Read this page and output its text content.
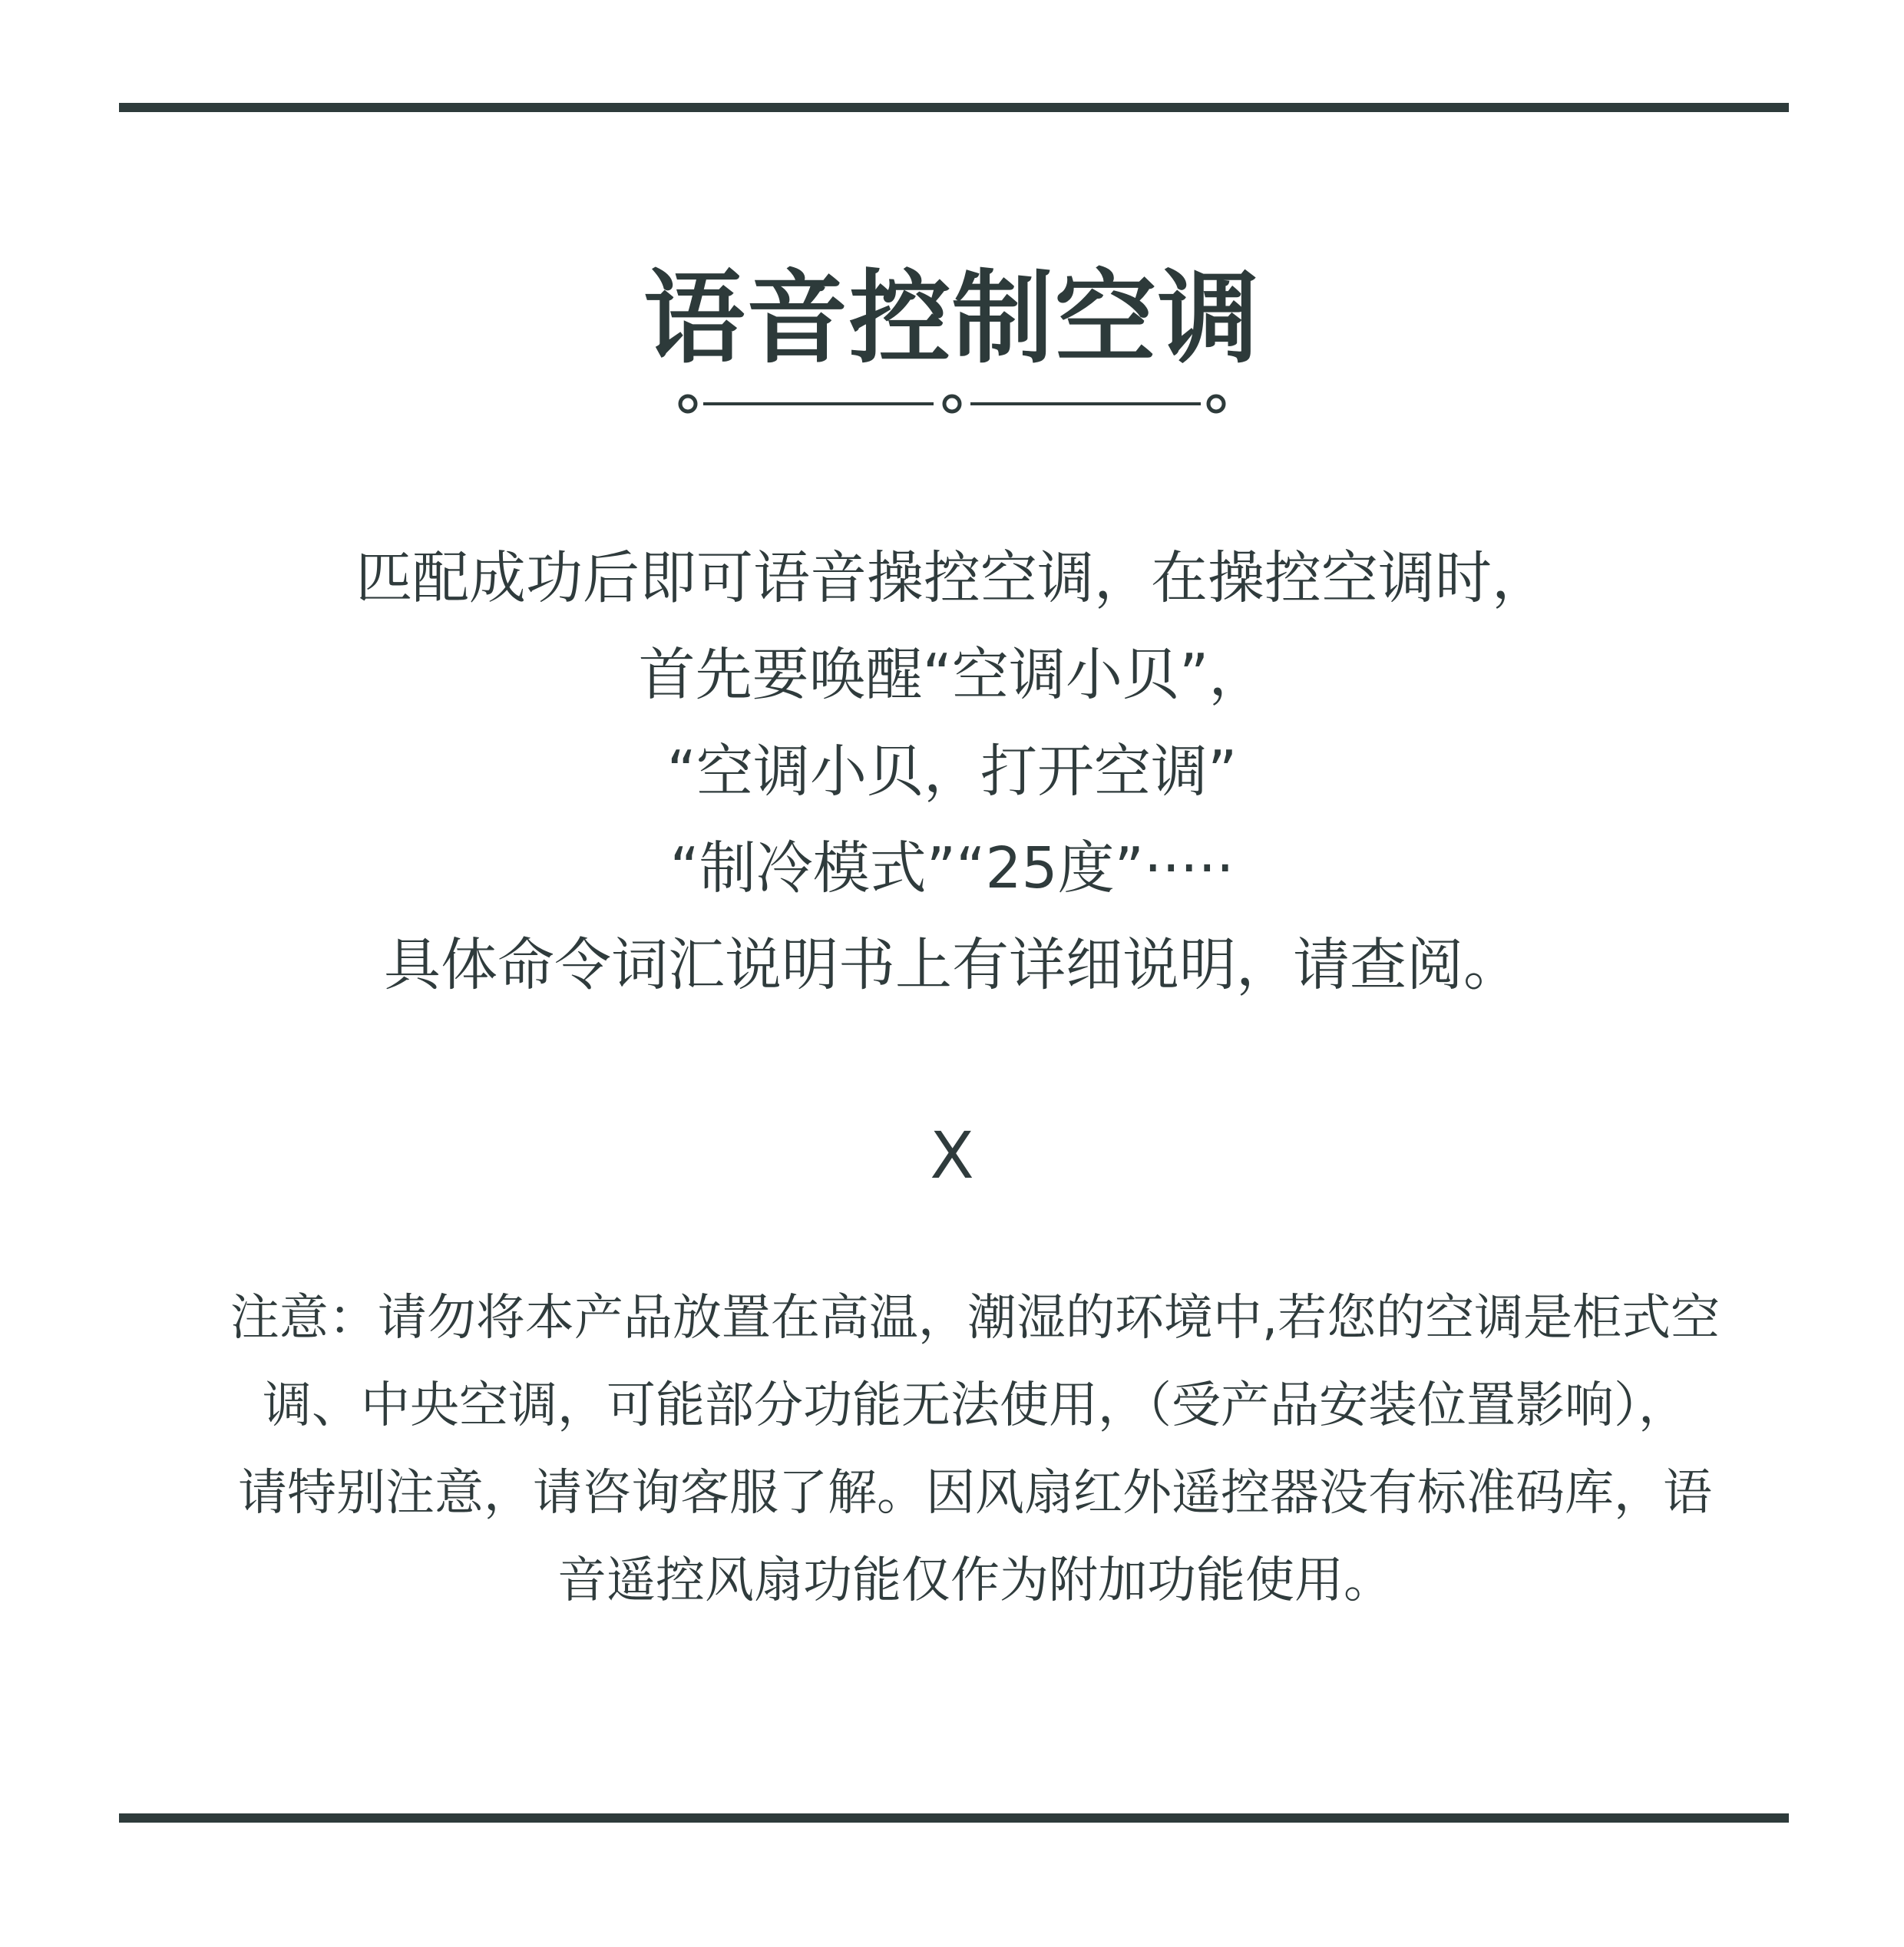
语音控制空调
匹配成功后即可语音操控空调，在操控空调时，
首先要唤醒“空调小贝”，
“空调小贝，打开空调”
“制冷模式”“25度”·····
具体命令词汇说明书上有详细说明，请查阅。
X
注意：请勿将本产品放置在高温，潮湿的环境中,若您的空调是柜式空
调、中央空调，可能部分功能无法使用，（受产品安装位置影响），
请特别注意，请咨询客服了解。因风扇红外遥控器没有标准码库，语
音遥控风扇功能仅作为附加功能使用。
